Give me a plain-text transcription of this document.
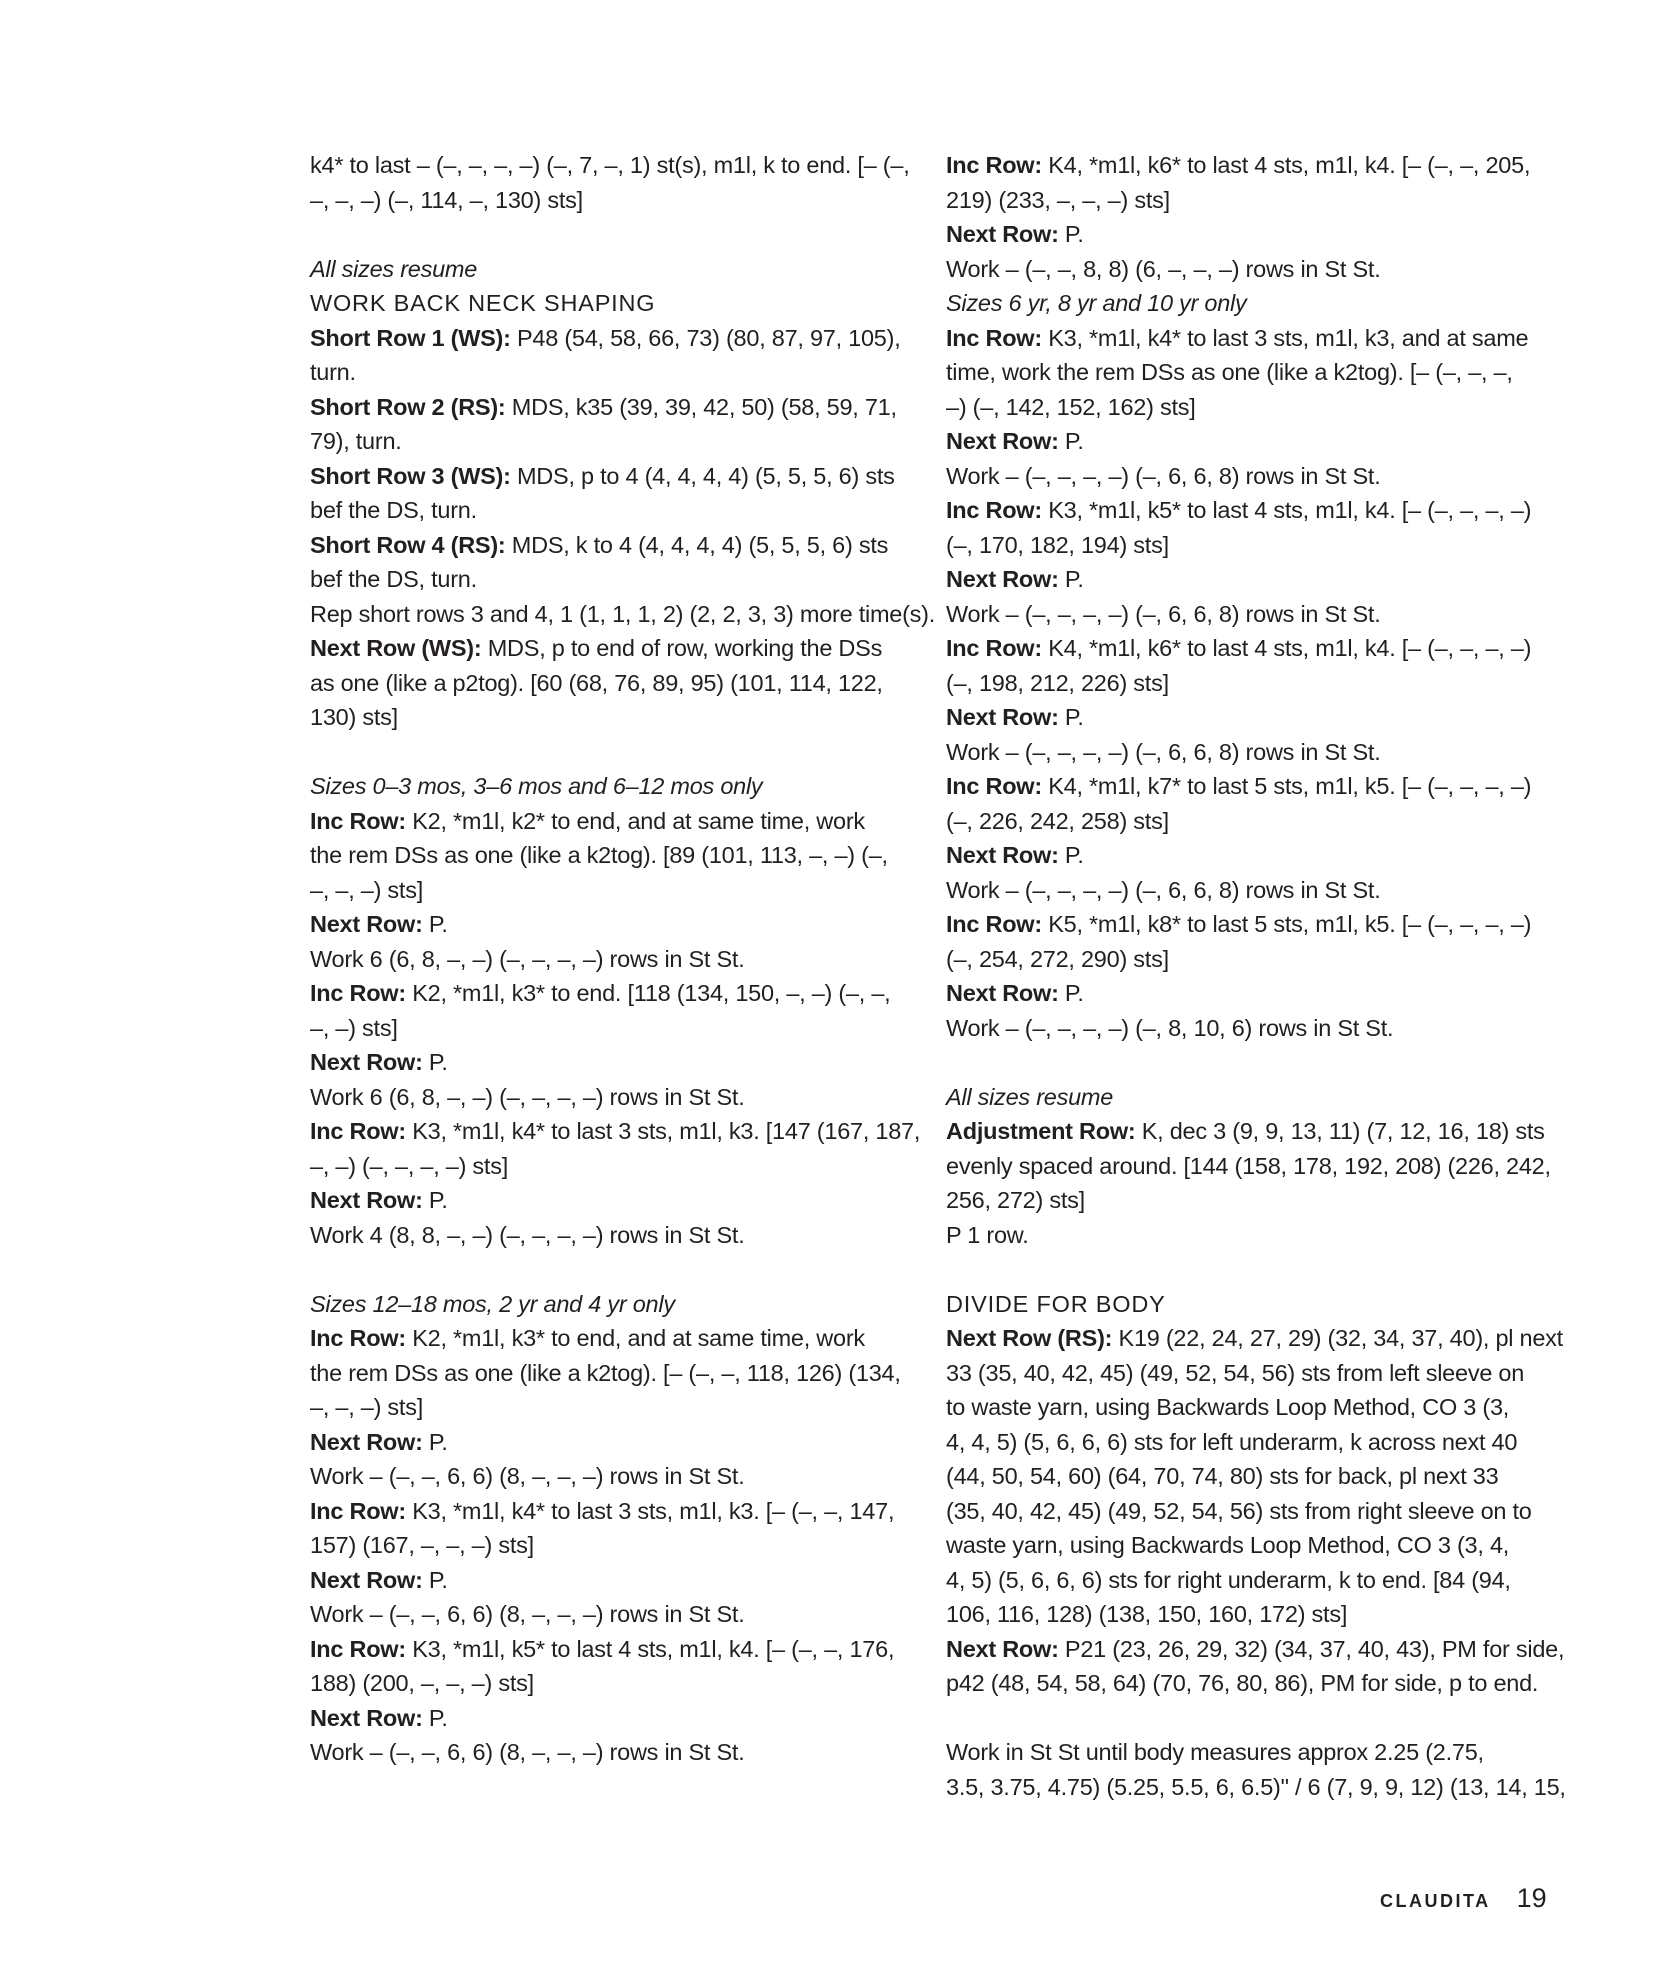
k4* to last – (–, –, –, –) (–, 7, –, 1) st(s), m1l, k to end. [– (–,
–, –, –) (–, 114, –, 130) sts]
All sizes resume
WORK BACK NECK SHAPING
Short Row 1 (WS): P48 (54, 58, 66, 73) (80, 87, 97, 105),
turn.
Short Row 2 (RS): MDS, k35 (39, 39, 42, 50) (58, 59, 71,
79), turn.
Short Row 3 (WS): MDS, p to 4 (4, 4, 4, 4) (5, 5, 5, 6) sts
bef the DS, turn.
Short Row 4 (RS): MDS, k to 4 (4, 4, 4, 4) (5, 5, 5, 6) sts
bef the DS, turn.
Rep short rows 3 and 4, 1 (1, 1, 1, 2) (2, 2, 3, 3) more time(s).
Next Row (WS): MDS, p to end of row, working the DSs
as one (like a p2tog). [60 (68, 76, 89, 95) (101, 114, 122,
130) sts]
Sizes 0–3 mos, 3–6 mos and 6–12 mos only
Inc Row: K2, *m1l, k2* to end, and at same time, work
the rem DSs as one (like a k2tog). [89 (101, 113, –, –) (–,
–, –, –) sts]
Next Row: P.
Work 6 (6, 8, –, –) (–, –, –, –) rows in St St.
Inc Row: K2, *m1l, k3* to end. [118 (134, 150, –, –) (–, –,
–, –) sts]
Next Row: P.
Work 6 (6, 8, –, –) (–, –, –, –) rows in St St.
Inc Row: K3, *m1l, k4* to last 3 sts, m1l, k3. [147 (167, 187,
–, –) (–, –, –, –) sts]
Next Row: P.
Work 4 (8, 8, –, –) (–, –, –, –) rows in St St.
Sizes 12–18 mos, 2 yr and 4 yr only
Inc Row: K2, *m1l, k3* to end, and at same time, work
the rem DSs as one (like a k2tog). [– (–, –, 118, 126) (134,
–, –, –) sts]
Next Row: P.
Work – (–, –, 6, 6) (8, –, –, –) rows in St St.
Inc Row: K3, *m1l, k4* to last 3 sts, m1l, k3. [– (–, –, 147,
157) (167, –, –, –) sts]
Next Row: P.
Work – (–, –, 6, 6) (8, –, –, –) rows in St St.
Inc Row: K3, *m1l, k5* to last 4 sts, m1l, k4. [– (–, –, 176,
188) (200, –, –, –) sts]
Next Row: P.
Work – (–, –, 6, 6) (8, –, –, –) rows in St St.
Inc Row: K4, *m1l, k6* to last 4 sts, m1l, k4. [– (–, –, 205,
219) (233, –, –, –) sts]
Next Row: P.
Work – (–, –, 8, 8) (6, –, –, –) rows in St St.
Sizes 6 yr, 8 yr and 10 yr only
Inc Row: K3, *m1l, k4* to last 3 sts, m1l, k3, and at same
time, work the rem DSs as one (like a k2tog). [– (–, –, –,
–) (–, 142, 152, 162) sts]
Next Row: P.
Work – (–, –, –, –) (–, 6, 6, 8) rows in St St.
Inc Row: K3, *m1l, k5* to last 4 sts, m1l, k4. [– (–, –, –, –)
(–, 170, 182, 194) sts]
Next Row: P.
Work – (–, –, –, –) (–, 6, 6, 8) rows in St St.
Inc Row: K4, *m1l, k6* to last 4 sts, m1l, k4. [– (–, –, –, –)
(–, 198, 212, 226) sts]
Next Row: P.
Work – (–, –, –, –) (–, 6, 6, 8) rows in St St.
Inc Row: K4, *m1l, k7* to last 5 sts, m1l, k5. [– (–, –, –, –)
(–, 226, 242, 258) sts]
Next Row: P.
Work – (–, –, –, –) (–, 6, 6, 8) rows in St St.
Inc Row: K5, *m1l, k8* to last 5 sts, m1l, k5. [– (–, –, –, –)
(–, 254, 272, 290) sts]
Next Row: P.
Work – (–, –, –, –) (–, 8, 10, 6) rows in St St.
All sizes resume
Adjustment Row: K, dec 3 (9, 9, 13, 11) (7, 12, 16, 18) sts
evenly spaced around. [144 (158, 178, 192, 208) (226, 242,
256, 272) sts]
P 1 row.
DIVIDE FOR BODY
Next Row (RS): K19 (22, 24, 27, 29) (32, 34, 37, 40), pl next
33 (35, 40, 42, 45) (49, 52, 54, 56) sts from left sleeve on
to waste yarn, using Backwards Loop Method, CO 3 (3,
4, 4, 5) (5, 6, 6, 6) sts for left underarm, k across next 40
(44, 50, 54, 60) (64, 70, 74, 80) sts for back, pl next 33
(35, 40, 42, 45) (49, 52, 54, 56) sts from right sleeve on to
waste yarn, using Backwards Loop Method, CO 3 (3, 4,
4, 5) (5, 6, 6, 6) sts for right underarm, k to end. [84 (94,
106, 116, 128) (138, 150, 160, 172) sts]
Next Row: P21 (23, 26, 29, 32) (34, 37, 40, 43), PM for side,
p42 (48, 54, 58, 64) (70, 76, 80, 86), PM for side, p to end.
Work in St St until body measures approx 2.25 (2.75,
3.5, 3.75, 4.75) (5.25, 5.5, 6, 6.5)" / 6 (7, 9, 9, 12) (13, 14, 15,
CLAUDITA 19
